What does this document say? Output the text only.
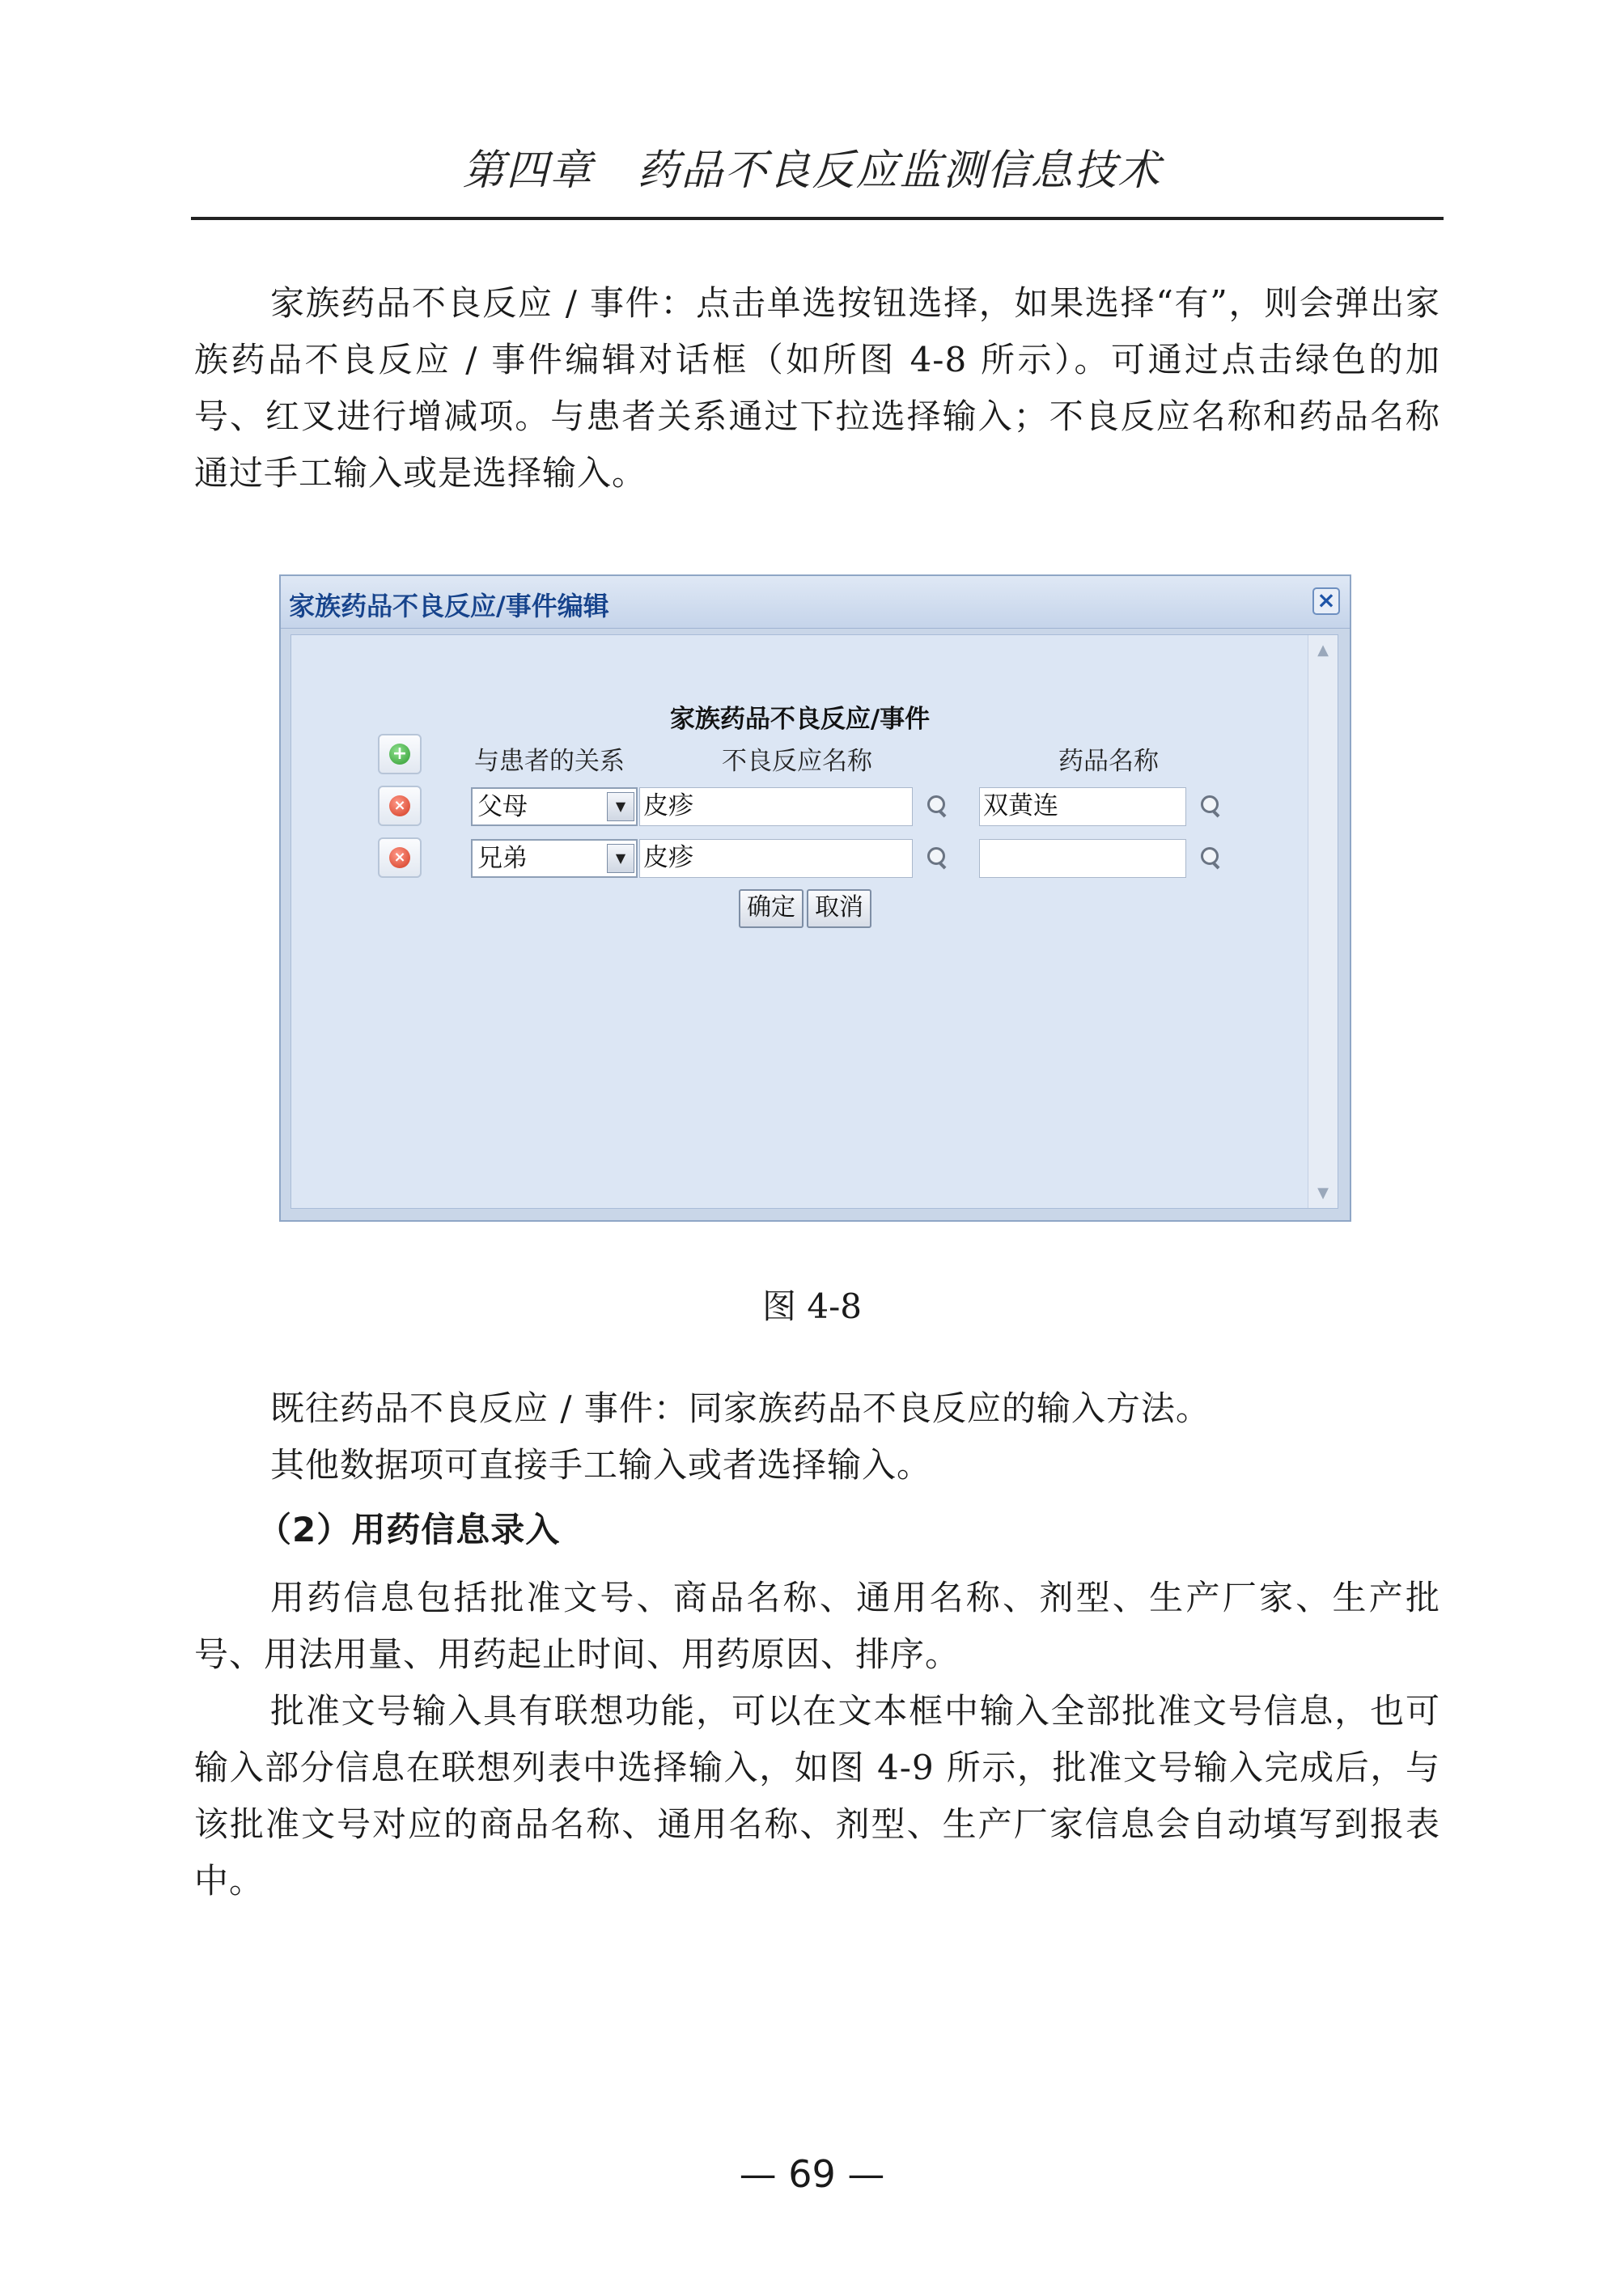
第四章　药品不良反应监测信息技术

家族药品不良反应 / 事件：点击单选按钮选择，如果选择“有”，则会弹出家族药品不良反应 / 事件编辑对话框（如所图 4-8 所示）。可通过点击绿色的加号、红叉进行增减项。与患者关系通过下拉选择输入；不良反应名称和药品名称通过手工输入或是选择输入。

家族药品不良反应/事件编辑	×
▲
▼
家族药品不良反应/事件
+	与患者的关系	不良反应名称	药品名称
×	父母	▼ 皮疹	双黄连
×	兄弟	▼ 皮疹
确定 取消
图 4-8

既往药品不良反应 / 事件：同家族药品不良反应的输入方法。

其他数据项可直接手工输入或者选择输入。

（2）用药信息录入

用药信息包括批准文号、商品名称、通用名称、剂型、生产厂家、生产批号、用法用量、用药起止时间、用药原因、排序。

批准文号输入具有联想功能，可以在文本框中输入全部批准文号信息，也可输入部分信息在联想列表中选择输入，如图 4-9 所示，批准文号输入完成后，与该批准文号对应的商品名称、通用名称、剂型、生产厂家信息会自动填写到报表中。

— 69 —
